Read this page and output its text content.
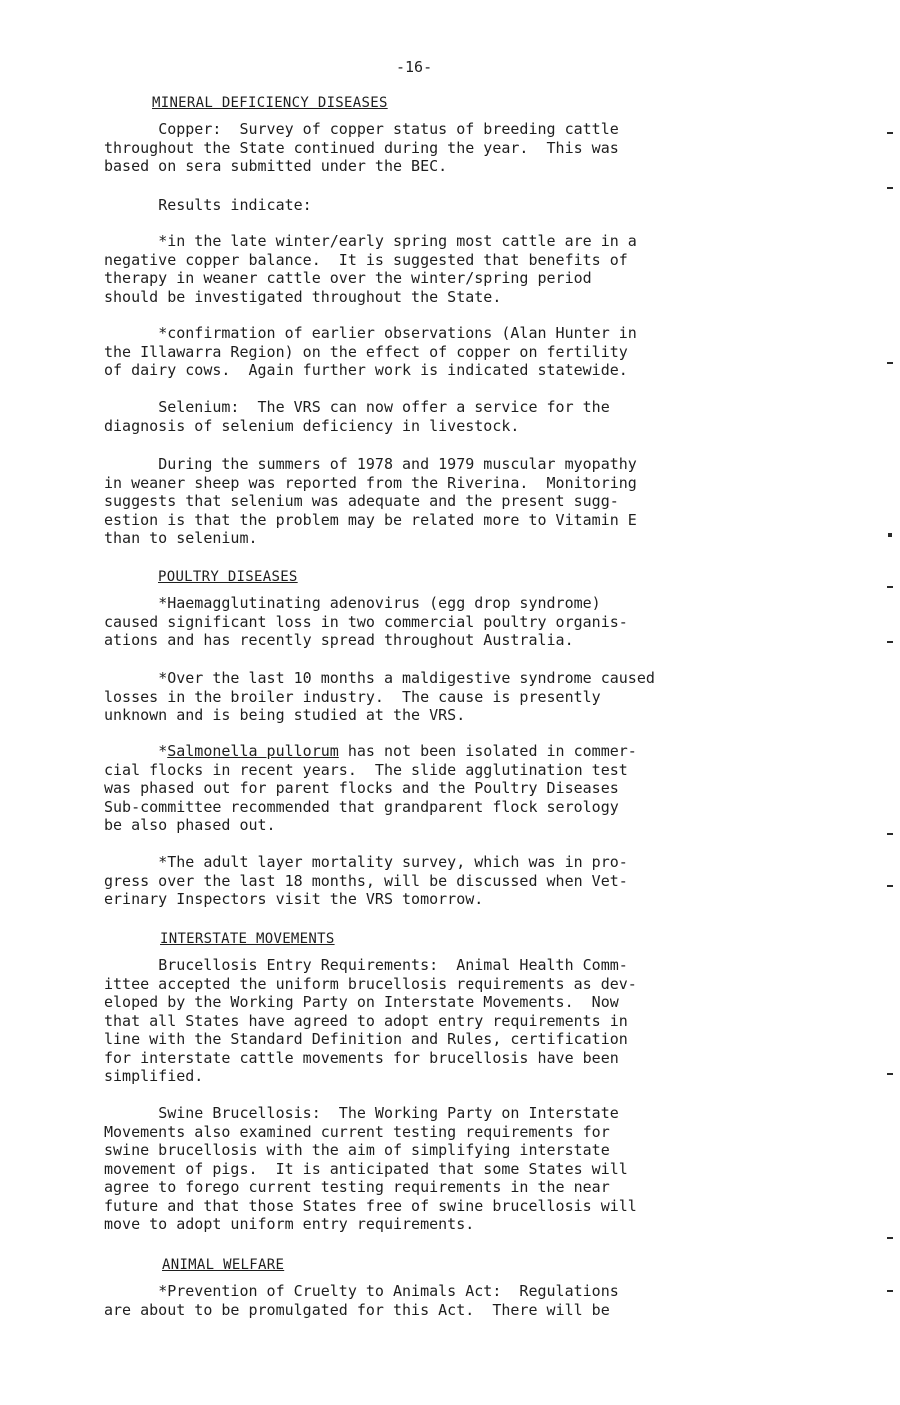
-16-
MINERAL DEFICIENCY DISEASES
Copper:  Survey of copper status of breeding cattle
throughout the State continued during the year.  This was
based on sera submitted under the BEC.
Results indicate:
*in the late winter/early spring most cattle are in a
negative copper balance.  It is suggested that benefits of
therapy in weaner cattle over the winter/spring period
should be investigated throughout the State.
*confirmation of earlier observations (Alan Hunter in
the Illawarra Region) on the effect of copper on fertility
of dairy cows.  Again further work is indicated statewide.
Selenium:  The VRS can now offer a service for the
diagnosis of selenium deficiency in livestock.
During the summers of 1978 and 1979 muscular myopathy
in weaner sheep was reported from the Riverina.  Monitoring
suggests that selenium was adequate and the present sugg-
estion is that the problem may be related more to Vitamin E
than to selenium.
POULTRY DISEASES
*Haemagglutinating adenovirus (egg drop syndrome)
caused significant loss in two commercial poultry organis-
ations and has recently spread throughout Australia.
*Over the last 10 months a maldigestive syndrome caused
losses in the broiler industry.  The cause is presently
unknown and is being studied at the VRS.
*Salmonella pullorum has not been isolated in commer-
cial flocks in recent years.  The slide agglutination test
was phased out for parent flocks and the Poultry Diseases
Sub-committee recommended that grandparent flock serology
be also phased out.
*The adult layer mortality survey, which was in pro-
gress over the last 18 months, will be discussed when Vet-
erinary Inspectors visit the VRS tomorrow.
INTERSTATE MOVEMENTS
Brucellosis Entry Requirements:  Animal Health Comm-
ittee accepted the uniform brucellosis requirements as dev-
eloped by the Working Party on Interstate Movements.  Now
that all States have agreed to adopt entry requirements in
line with the Standard Definition and Rules, certification
for interstate cattle movements for brucellosis have been
simplified.
Swine Brucellosis:  The Working Party on Interstate
Movements also examined current testing requirements for
swine brucellosis with the aim of simplifying interstate
movement of pigs.  It is anticipated that some States will
agree to forego current testing requirements in the near
future and that those States free of swine brucellosis will
move to adopt uniform entry requirements.
ANIMAL WELFARE
*Prevention of Cruelty to Animals Act:  Regulations
are about to be promulgated for this Act.  There will be
